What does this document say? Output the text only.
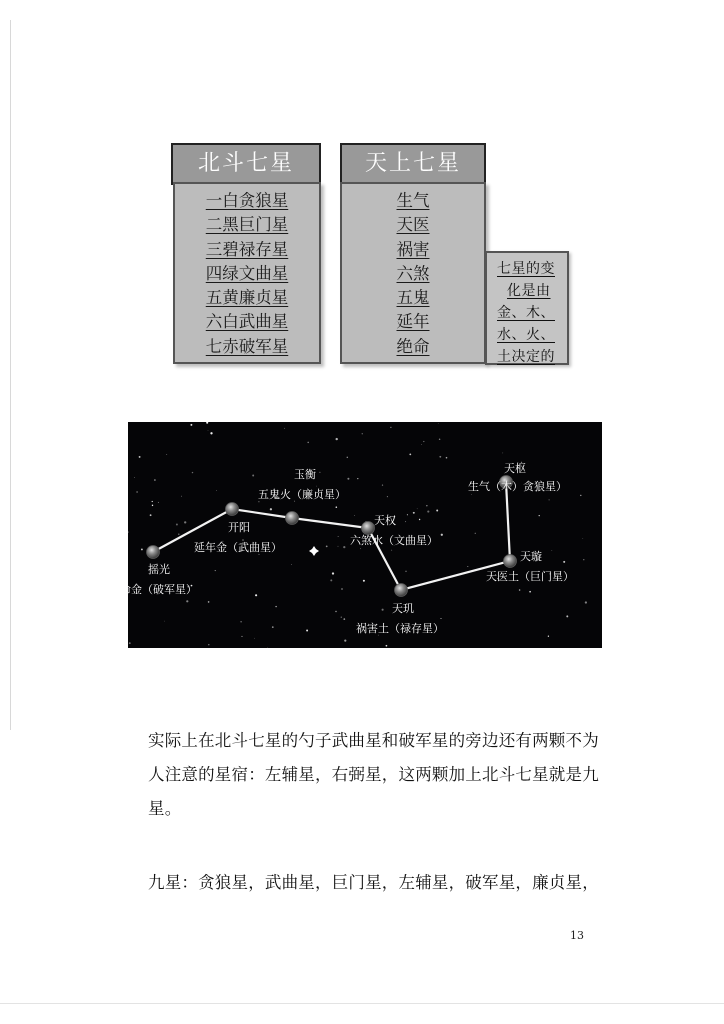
北斗七星
一白贪狼星
二黑巨门星
三碧禄存星
四绿文曲星
五黄廉贞星
六白武曲星
七赤破军星
天上七星
生气
天医
祸害
六煞
五鬼
延年
绝命
七星的变
化是由
金、木、
水、火、
土决定的
摇光
命金（破军星）
开阳
延年金（武曲星）
玉衡
五鬼火（廉贞星）
天权
六煞水（文曲星）
天玑
祸害土（禄存星）
天璇
天医土（巨门星）
天枢
生气（木）贪狼星）

实际上在北斗七星的勺子武曲星和破军星的旁边还有两颗不为人注意的星宿：左辅星，右弼星，这两颗加上北斗七星就是九星。

九星：贪狼星，武曲星，巨门星，左辅星，破军星，廉贞星，

13
